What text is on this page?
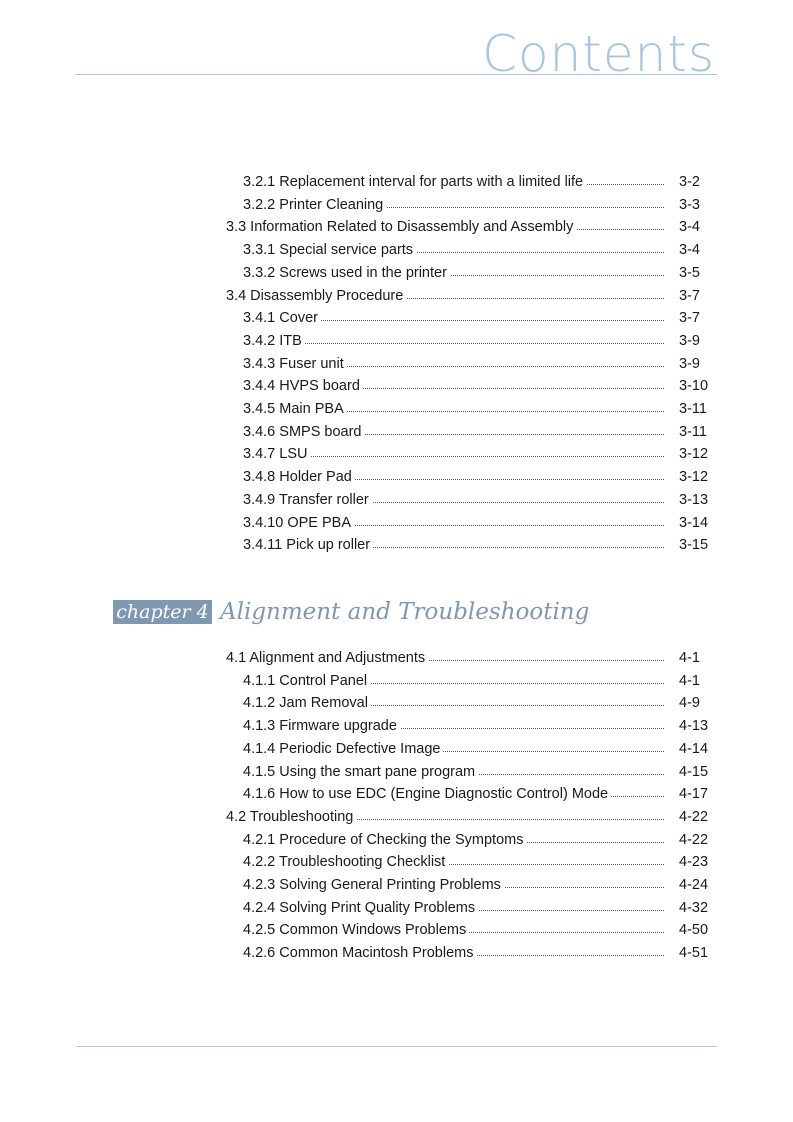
Contents
3.2.1 Replacement interval for parts with a limited life	3-2
3.2.2 Printer Cleaning	3-3
3.3 Information Related to Disassembly and Assembly	3-4
3.3.1 Special service parts	3-4
3.3.2 Screws used in the printer	3-5
3.4 Disassembly Procedure	3-7
3.4.1 Cover	3-7
3.4.2 ITB	3-9
3.4.3 Fuser unit	3-9
3.4.4 HVPS board	3-10
3.4.5 Main PBA	3-11
3.4.6 SMPS board	3-11
3.4.7 LSU	3-12
3.4.8 Holder Pad	3-12
3.4.9 Transfer roller	3-13
3.4.10 OPE PBA	3-14
3.4.11 Pick up roller	3-15
chapter 4 Alignment and Troubleshooting
4.1 Alignment and Adjustments	4-1
4.1.1 Control Panel	4-1
4.1.2 Jam Removal	4-9
4.1.3 Firmware upgrade	4-13
4.1.4 Periodic Defective Image	4-14
4.1.5 Using the smart pane program	4-15
4.1.6 How to use EDC (Engine Diagnostic Control) Mode	4-17
4.2 Troubleshooting	4-22
4.2.1 Procedure of Checking the Symptoms	4-22
4.2.2 Troubleshooting Checklist	4-23
4.2.3 Solving General Printing Problems	4-24
4.2.4 Solving Print Quality Problems	4-32
4.2.5 Common Windows Problems	4-50
4.2.6 Common Macintosh Problems	4-51
